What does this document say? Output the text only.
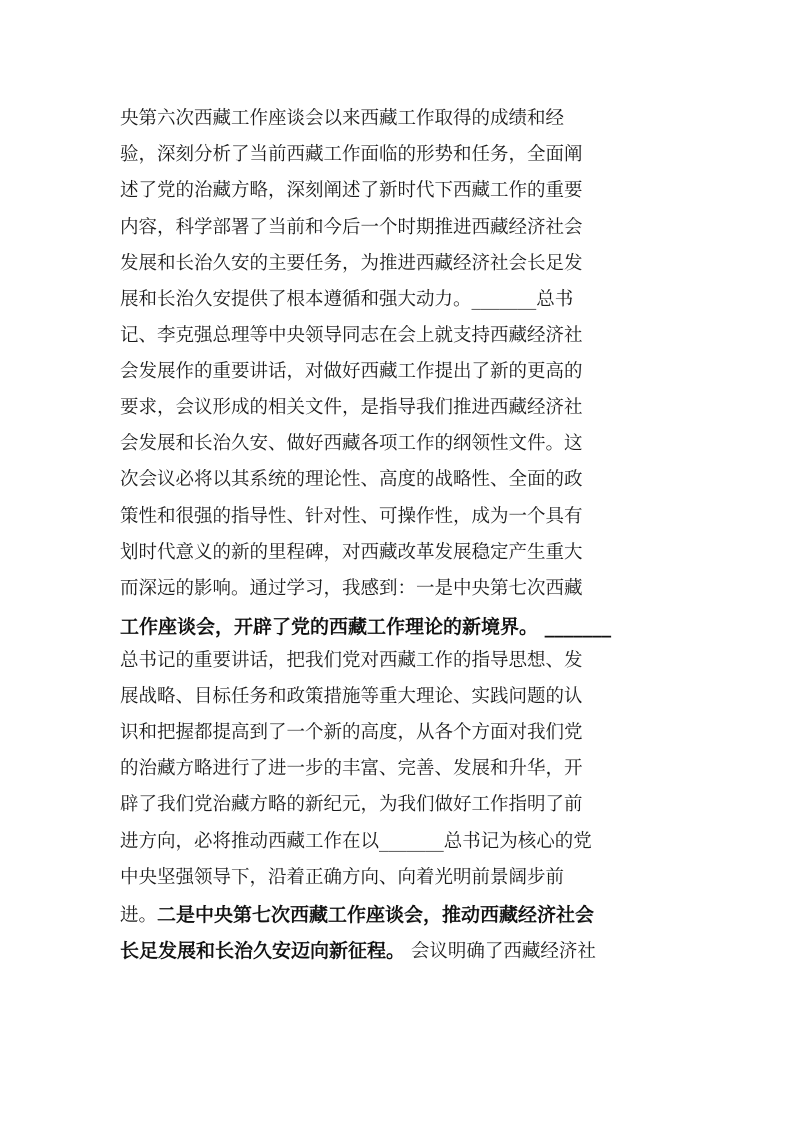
央第六次西藏工作座谈会以来西藏工作取得的成绩和经
验，深刻分析了当前西藏工作面临的形势和任务，全面阐
述了党的治藏方略，深刻阐述了新时代下西藏工作的重要
内容，科学部署了当前和今后一个时期推进西藏经济社会
发展和长治久安的主要任务，为推进西藏经济社会长足发
展和长治久安提供了根本遵循和强大动力。_______总书
记、李克强总理等中央领导同志在会上就支持西藏经济社
会发展作的重要讲话，对做好西藏工作提出了新的更高的
要求，会议形成的相关文件，是指导我们推进西藏经济社
会发展和长治久安、做好西藏各项工作的纲领性文件。这
次会议必将以其系统的理论性、高度的战略性、全面的政
策性和很强的指导性、针对性、可操作性，成为一个具有
划时代意义的新的里程碑，对西藏改革发展稳定产生重大
而深远的影响。通过学习，我感到：一是中央第七次西藏
工作座谈会，开辟了党的西藏工作理论的新境界。 _______
总书记的重要讲话，把我们党对西藏工作的指导思想、发
展战略、目标任务和政策措施等重大理论、实践问题的认
识和把握都提高到了一个新的高度，从各个方面对我们党
的治藏方略进行了进一步的丰富、完善、发展和升华，开
辟了我们党治藏方略的新纪元，为我们做好工作指明了前
进方向，必将推动西藏工作在以_______总书记为核心的党
中央坚强领导下，沿着正确方向、向着光明前景阔步前
进。二是中央第七次西藏工作座谈会，推动西藏经济社会
长足发展和长治久安迈向新征程。 会议明确了西藏经济社
